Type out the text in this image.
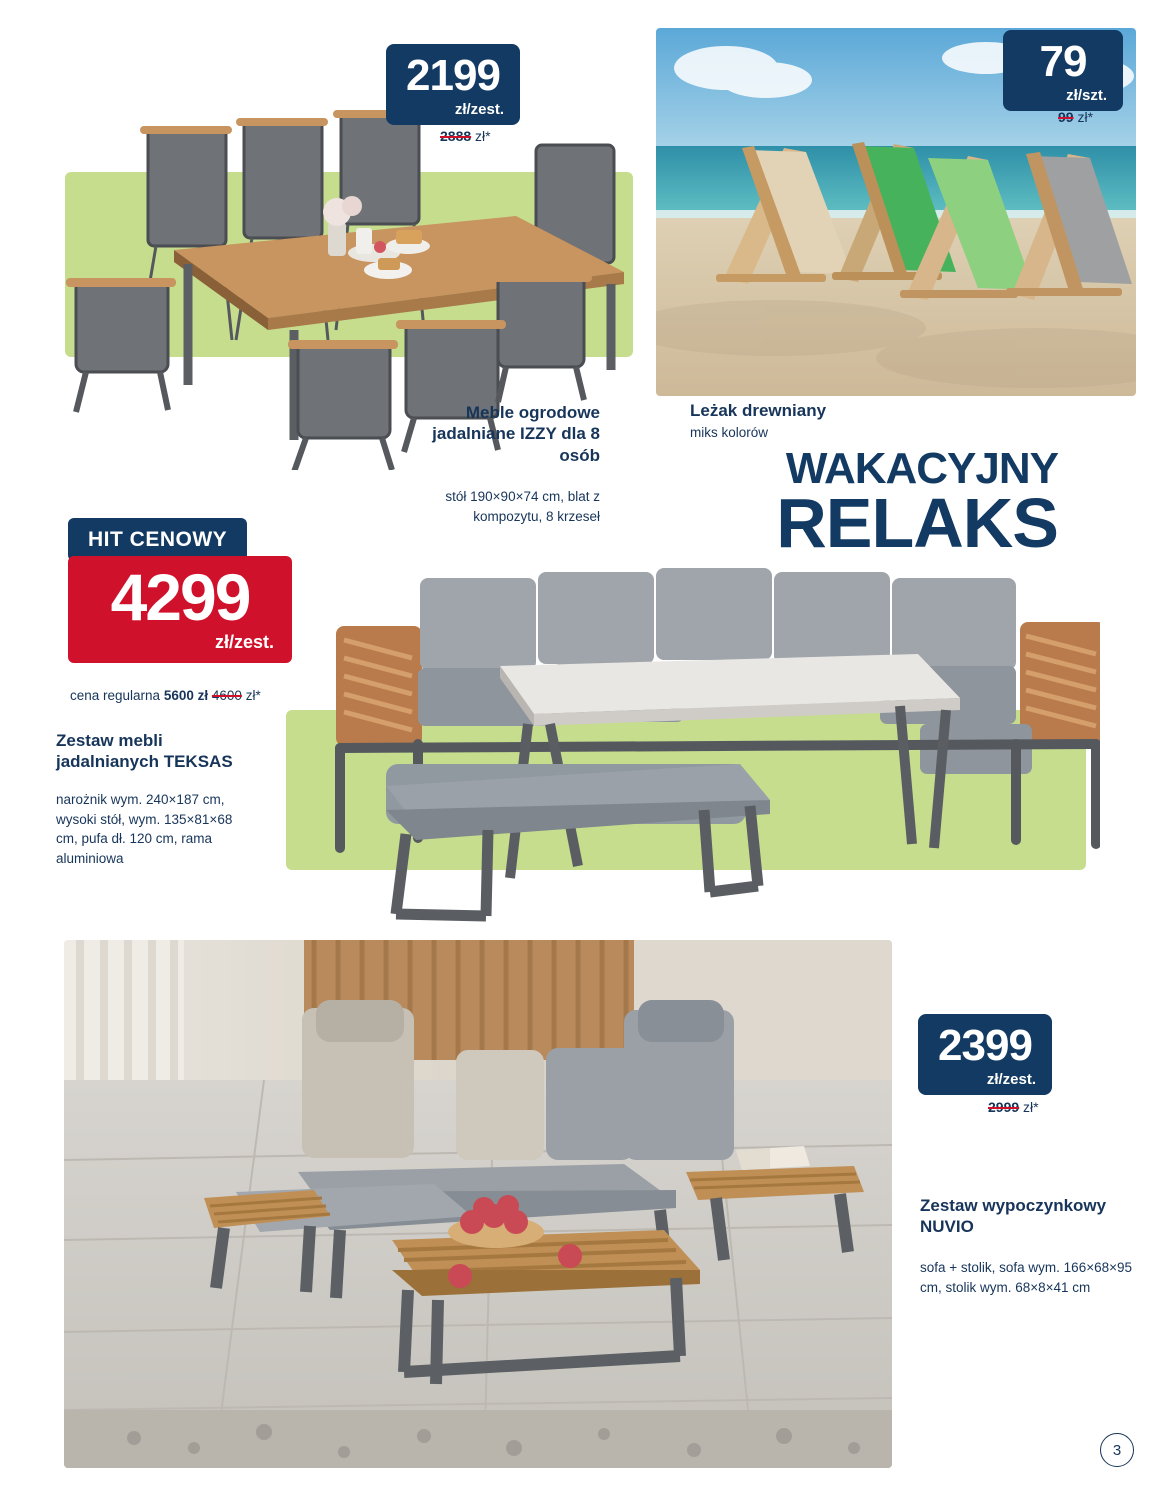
2199
zł/zest.
2888 zł*
Meble ogrodowe jadalniane IZZY dla 8 osób
stół 190×90×74 cm, blat z kompozytu, 8 krzeseł
79
zł/szt.
99 zł*
Leżak drewniany
miks kolorów
WAKACYJNY
RELAKS
HIT CENOWY
4299
zł/zest.
cena regularna 5600 zł 4600 zł*
Zestaw mebli jadalnianych TEKSAS
narożnik wym. 240×187 cm, wysoki stół, wym. 135×81×68 cm, pufa dł. 120 cm, rama aluminiowa
2399
zł/zest.
2999 zł*
Zestaw wypoczynkowy NUVIO
sofa + stolik, sofa wym. 166×68×95 cm, stolik wym. 68×8×41 cm
3
